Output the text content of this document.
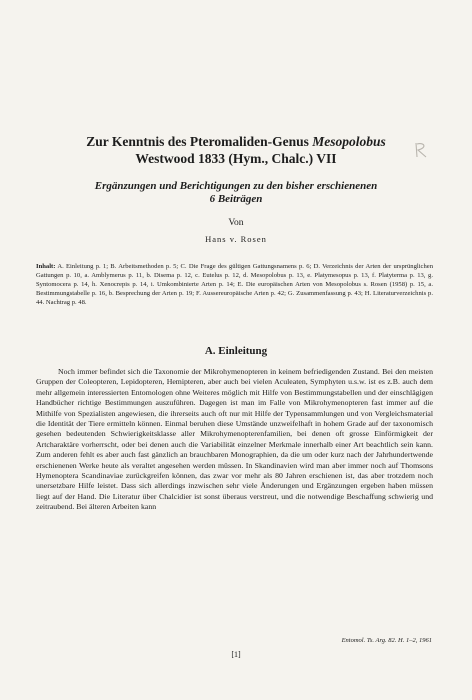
Zur Kenntnis des Pteromaliden-Genus Mesopolobus
Westwood 1833 (Hym., Chalc.) VII
Ergänzungen und Berichtigungen zu den bisher erschienenen
6 Beiträgen
Von
Hans v. Rosen
Inhalt: A. Einleitung p. 1; B. Arbeitsmethoden p. 5; C. Die Frage des gültigen Gattungsnamens p. 6; D. Verzeichnis der Arten der ursprünglichen Gattungen p. 10, a. Amblymerus p. 11, b. Disema p. 12, c. Eutelus p. 12, d. Mesopolobus p. 13, e. Platymesopus p. 13, f. Platyterma p. 13, g. Syntomocera p. 14, h. Xenocrepis p. 14, i. Umkombinierte Arten p. 14; E. Die europäischen Arten von Mesopolobus s. Rosen (1958) p. 15, a. Bestimmungstabelle p. 16, b. Besprechung der Arten p. 19; F. Aussereuropäische Arten p. 42; G. Zusammenfassung p. 43; H. Literaturverzeichnis p. 44. Nachtrag p. 48.
A. Einleitung
Noch immer befindet sich die Taxonomie der Mikrohymenopteren in keinem befriedigenden Zustand. Bei den meisten Gruppen der Coleopteren, Lepidopteren, Hemipteren, aber auch bei vielen Aculeaten, Symphyten u.s.w. ist es z.B. auch dem mehr allgemein interessierten Entomologen ohne Weiteres möglich mit Hilfe von Bestimmungstabellen und der einschlägigen Handbücher richtige Bestimmungen auszuführen. Dagegen ist man im Falle von Mikrohymenopteren fast immer auf die Mithilfe von Spezialisten angewiesen, die ihrerseits auch oft nur mit Hilfe der Typensammlungen und von Vergleichsmaterial die Identität der Tiere ermitteln können. Einmal beruhen diese Umstände unzweifelhaft in hohem Grade auf der taxonomisch gesehen bedeutenden Schwierigkeitsklasse aller Mikrohymenopterenfamilien, bei denen oft grosse Einförmigkeit der Artcharaktäre vorherrscht, oder bei denen auch die Variabilität einzelner Merkmale innerhalb einer Art beachtlich sein kann. Zum anderen fehlt es aber auch fast gänzlich an brauchbaren Monographien, da die um oder kurz nach der Jahrhundertwende erschienenen Werke heute als veraltet angesehen werden müssen. In Skandinavien wird man aber immer noch auf Thomsons Hymenoptera Scandinaviae zurückgreifen können, das zwar vor mehr als 80 Jahren erschienen ist, das aber trotzdem noch unersetzbare Hilfe leistet. Dass sich allerdings inzwischen sehr viele Änderungen und Ergänzungen ergeben haben müssen liegt auf der Hand. Die Literatur über Chalcidier ist sonst überaus verstreut, und die notwendige Beschaffung schwierig und zeitraubend. Bei älteren Arbeiten kann
Entomol. Ts. Arg. 82. H. 1–2, 1961
[1]
